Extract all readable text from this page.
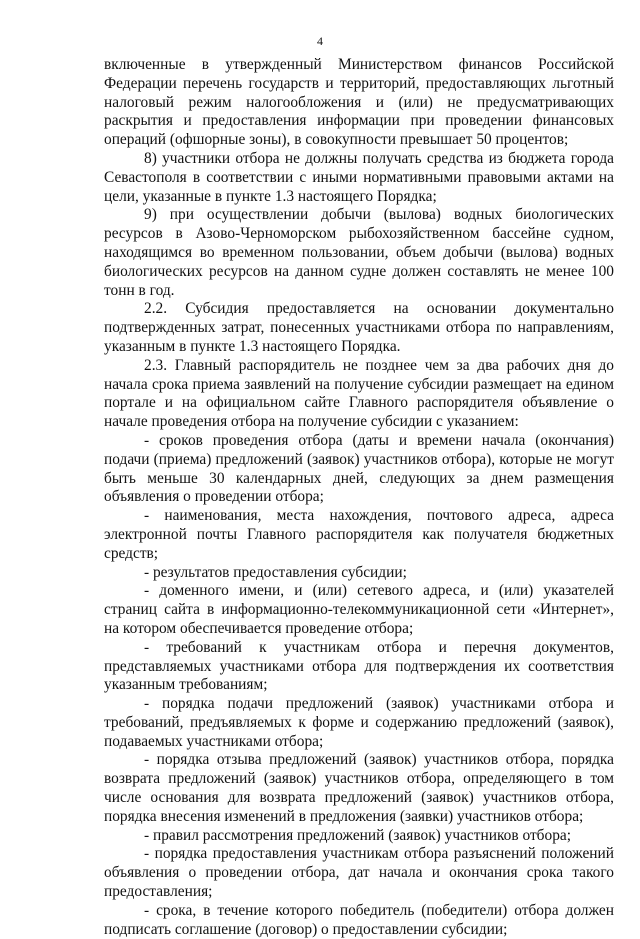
4

включенные в утвержденный Министерством финансов Российской Федерации перечень государств и территорий, предоставляющих льготный налоговый режим налогообложения и (или) не предусматривающих раскрытия и предоставления информации при проведении финансовых операций (офшорные зоны), в совокупности превышает 50 процентов;

8) участники отбора не должны получать средства из бюджета города Севастополя в соответствии с иными нормативными правовыми актами на цели, указанные в пункте 1.3 настоящего Порядка;

9) при осуществлении добычи (вылова) водных биологических ресурсов в Азово-Черноморском рыбохозяйственном бассейне судном, находящимся во временном пользовании, объем добычи (вылова) водных биологических ресурсов на данном судне должен составлять не менее 100 тонн в год.

2.2. Субсидия предоставляется на основании документально подтвержденных затрат, понесенных участниками отбора по направлениям, указанным в пункте 1.3 настоящего Порядка.

2.3. Главный распорядитель не позднее чем за два рабочих дня до начала срока приема заявлений на получение субсидии размещает на едином портале и на официальном сайте Главного распорядителя объявление о начале проведения отбора на получение субсидии с указанием:

- сроков проведения отбора (даты и времени начала (окончания) подачи (приема) предложений (заявок) участников отбора), которые не могут быть меньше 30 календарных дней, следующих за днем размещения объявления о проведении отбора;

- наименования, места нахождения, почтового адреса, адреса электронной почты Главного распорядителя как получателя бюджетных средств;

- результатов предоставления субсидии;

- доменного имени, и (или) сетевого адреса, и (или) указателей страниц сайта в информационно-телекоммуникационной сети «Интернет», на котором обеспечивается проведение отбора;

- требований к участникам отбора и перечня документов, представляемых участниками отбора для подтверждения их соответствия указанным требованиям;

- порядка подачи предложений (заявок) участниками отбора и требований, предъявляемых к форме и содержанию предложений (заявок), подаваемых участниками отбора;

- порядка отзыва предложений (заявок) участников отбора, порядка возврата предложений (заявок) участников отбора, определяющего в том числе основания для возврата предложений (заявок) участников отбора, порядка внесения изменений в предложения (заявки) участников отбора;

- правил рассмотрения предложений (заявок) участников отбора;

- порядка предоставления участникам отбора разъяснений положений объявления о проведении отбора, дат начала и окончания срока такого предоставления;

- срока, в течение которого победитель (победители) отбора должен подписать соглашение (договор) о предоставлении субсидии;
